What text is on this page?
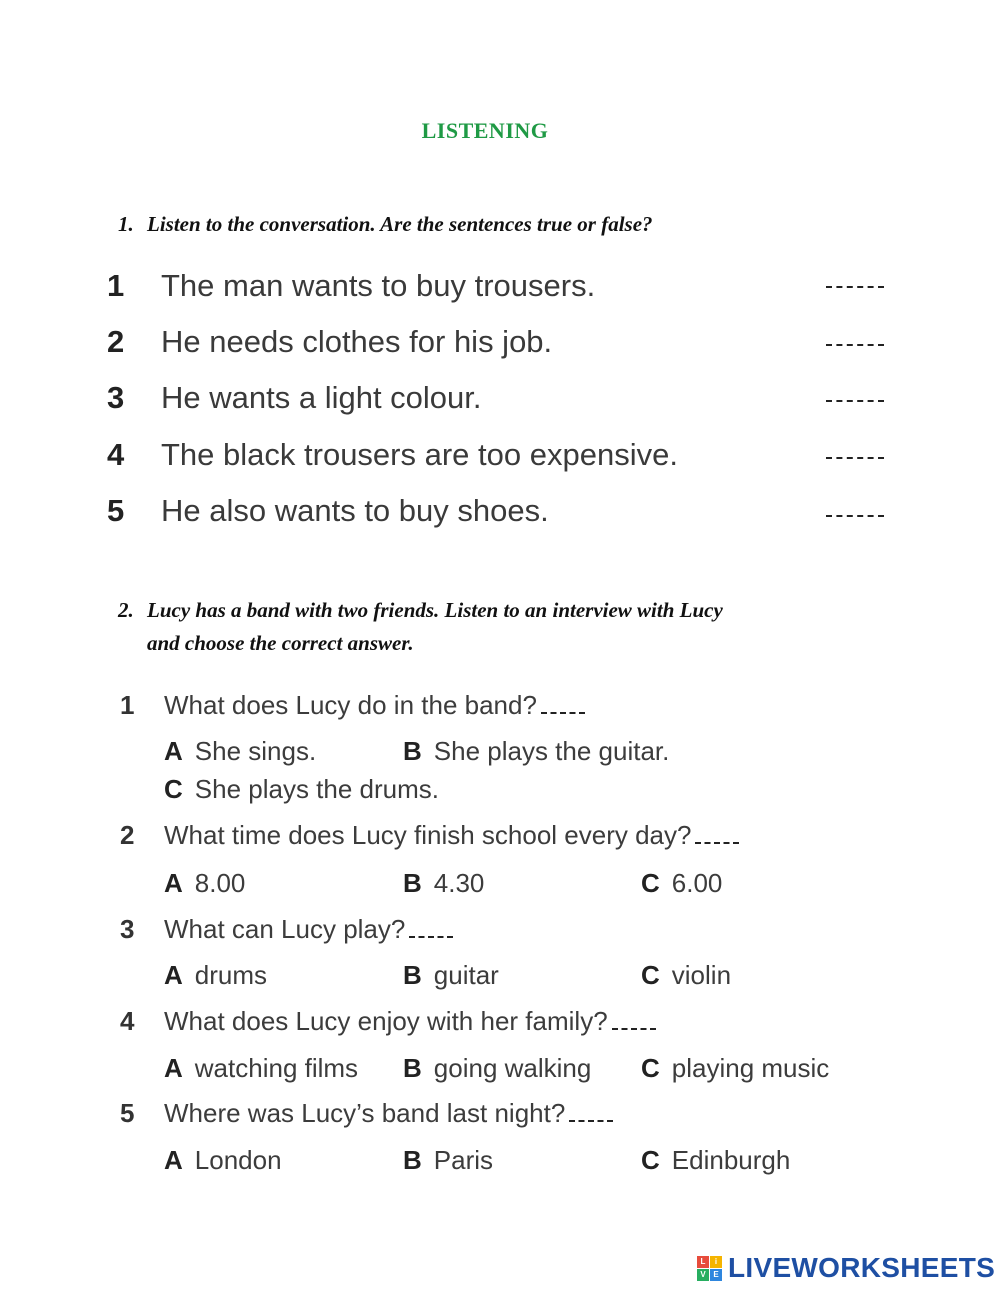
LISTENING
1. Listen to the conversation. Are the sentences true or false?
1 The man wants to buy trousers.
2 He needs clothes for his job.
3 He wants a light colour.
4 The black trousers are too expensive.
5 He also wants to buy shoes.
2. Lucy has a band with two friends. Listen to an interview with Lucy
and choose the correct answer.
1 What does Lucy do in the band?
A She sings.	B She plays the guitar.
C She plays the drums.
2 What time does Lucy finish school every day?
A 8.00	B 4.30	C 6.00
3 What can Lucy play?
A drums	B guitar	C violin
4 What does Lucy enjoy with her family?
A watching films B going walking C playing music
5 Where was Lucy’s band last night?
A London	B Paris	C Edinburgh
L	i
V E LIVEWORKSHEETS
